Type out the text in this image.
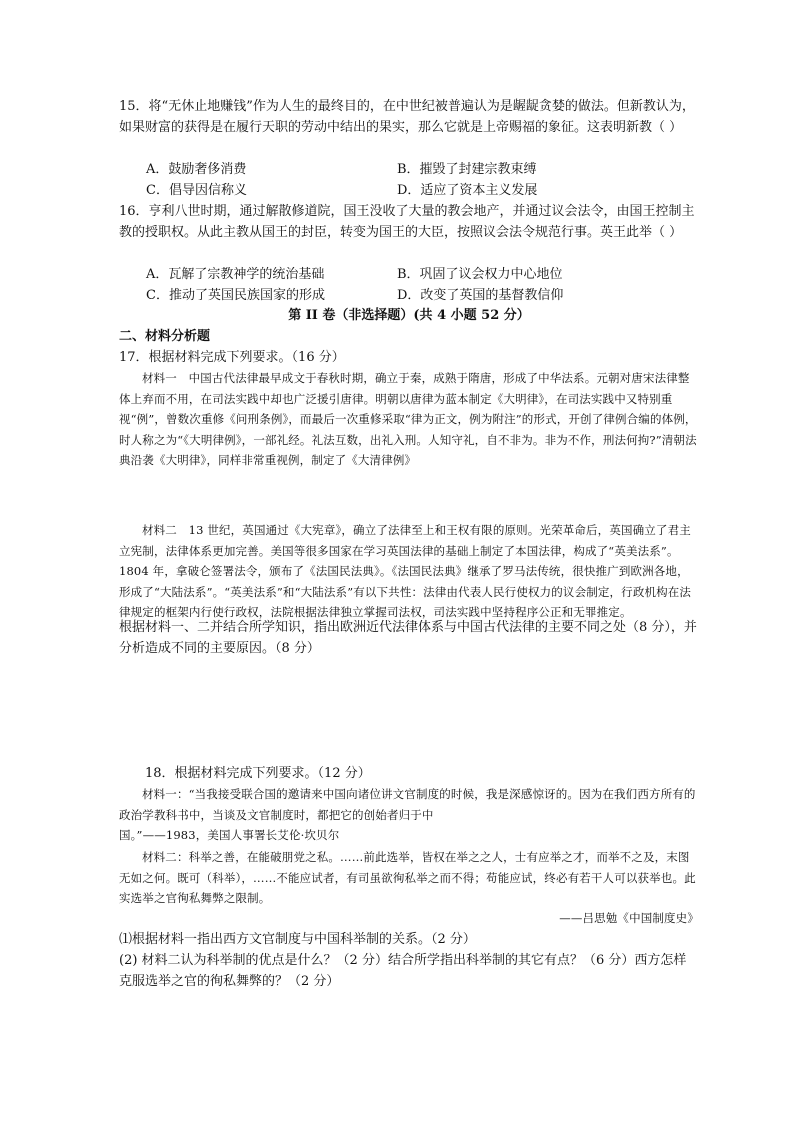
15．将“无休止地赚钱”作为人生的最终目的，在中世纪被普遍认为是龌龊贪婪的做法。但新教认为，如果财富的获得是在履行天职的劳动中结出的果实，那么它就是上帝赐福的象征。这表明新教（ ）
A．鼓励奢侈消费	B．摧毁了封建宗教束缚
C．倡导因信称义	D．适应了资本主义发展
16．亨利八世时期，通过解散修道院，国王没收了大量的教会地产，并通过议会法令，由国王控制主教的授职权。从此主教从国王的封臣，转变为国王的大臣，按照议会法令规范行事。英王此举（ ）
A．瓦解了宗教神学的统治基础	B．巩固了议会权力中心地位
C．推动了英国民族国家的形成	D．改变了英国的基督教信仰
第 II 卷（非选择题）(共 4 小题 52 分）
二、材料分析题
17．根据材料完成下列要求。（16 分）

材料一　中国古代法律最早成文于春秋时期，确立于秦，成熟于隋唐，形成了中华法系。元朝对唐宋法律整体上弃而不用，在司法实践中却也广泛援引唐律。明朝以唐律为蓝本制定《大明律》，在司法实践中又特别重视“例”，曾数次重修《问刑条例》，而最后一次重修采取“律为正文，例为附注”的形式，开创了律例合编的体例，时人称之为“《大明律例》，一部礼经。礼法互数，出礼入刑。人知守礼，自不非为。非为不作，刑法何拘?”清朝法典沿袭《大明律》，同样非常重视例，制定了《大清律例》

材料二　13 世纪，英国通过《大宪章》，确立了法律至上和王权有限的原则。光荣革命后，英国确立了君主立宪制，法律体系更加完善。美国等很多国家在学习英国法律的基础上制定了本国法律，构成了“英美法系”。1804 年，拿破仑签署法令，颁布了《法国民法典》。《法国民法典》继承了罗马法传统，很快推广到欧洲各地，形成了“大陆法系”。“英美法系”和“大陆法系”有以下共性：法律由代表人民行使权力的议会制定，行政机构在法律规定的框架内行使行政权，法院根据法律独立掌握司法权，司法实践中坚持程序公正和无罪推定。

根据材料一、二并结合所学知识，指出欧洲近代法律体系与中国古代法律的主要不同之处（8 分），并分析造成不同的主要原因。（8 分）
18．根据材料完成下列要求。（12 分）

材料一：“当我接受联合国的邀请来中国向诸位讲文官制度的时候，我是深感惊讶的。因为在我们西方所有的政治学教科书中，当谈及文官制度时，都把它的创始者归于中

国。”——1983，美国人事署长艾伦·坎贝尔

材料二：科举之善，在能破朋党之私。……前此选举，皆权在举之之人，士有应举之才，而举不之及，末图无如之何。既可（科举），……不能应试者，有司虽欲徇私举之而不得；苟能应试，终必有若干人可以获举也。此实选举之官徇私舞弊之限制。

——吕思勉《中国制度史》

⑴根据材料一指出西方文官制度与中国科举制的关系。（2 分）
(2) 材料二认为科举制的优点是什么？（2 分）结合所学指出科举制的其它有点？（6 分）西方怎样克服选举之官的徇私舞弊的？（2 分）
